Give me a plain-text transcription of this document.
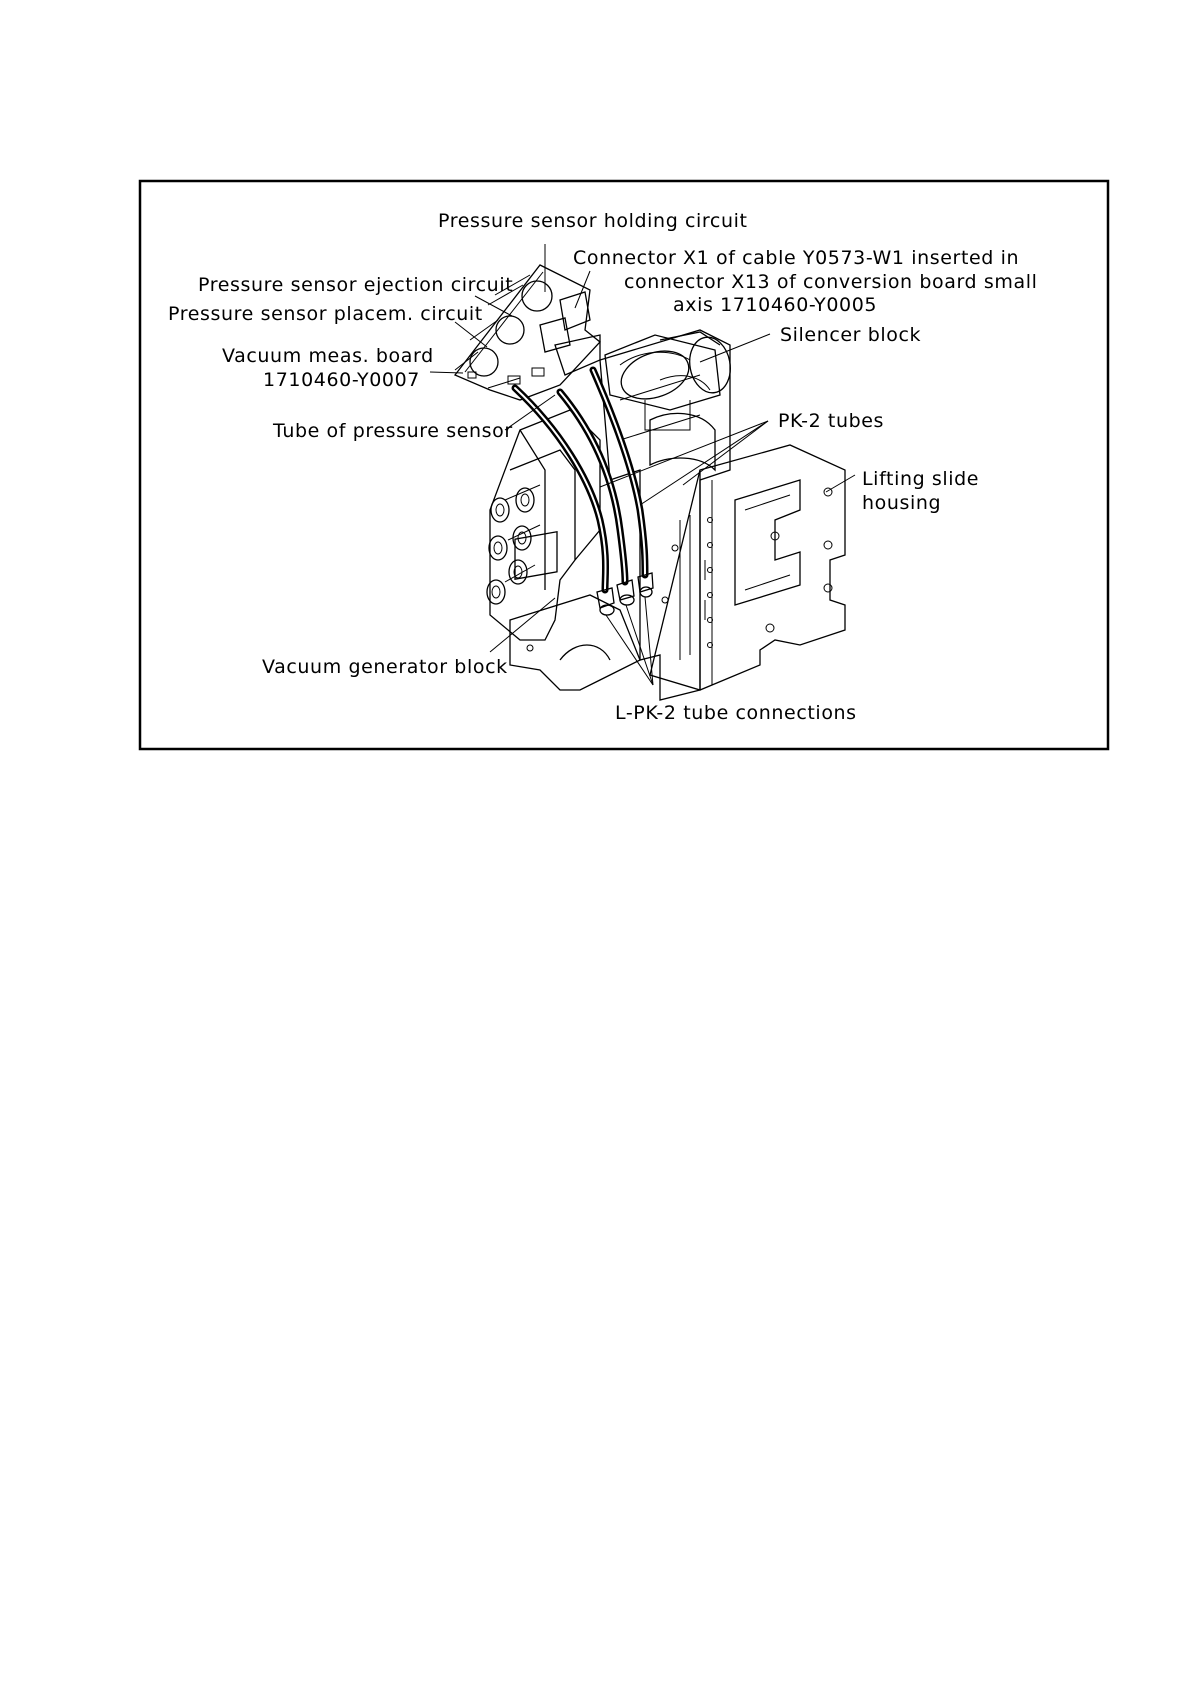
Pressure sensor holding circuit
Connector X1 of cable Y0573-W1 inserted in
connector X13 of conversion board small
axis 1710460-Y0005
Pressure sensor ejection circuit
Pressure sensor placem. circuit
Vacuum meas. board
1710460-Y0007
Silencer block
Tube of pressure sensor	PK-2 tubes
Lifting slide
housing
Vacuum generator block
L-PK-2 tube connections
